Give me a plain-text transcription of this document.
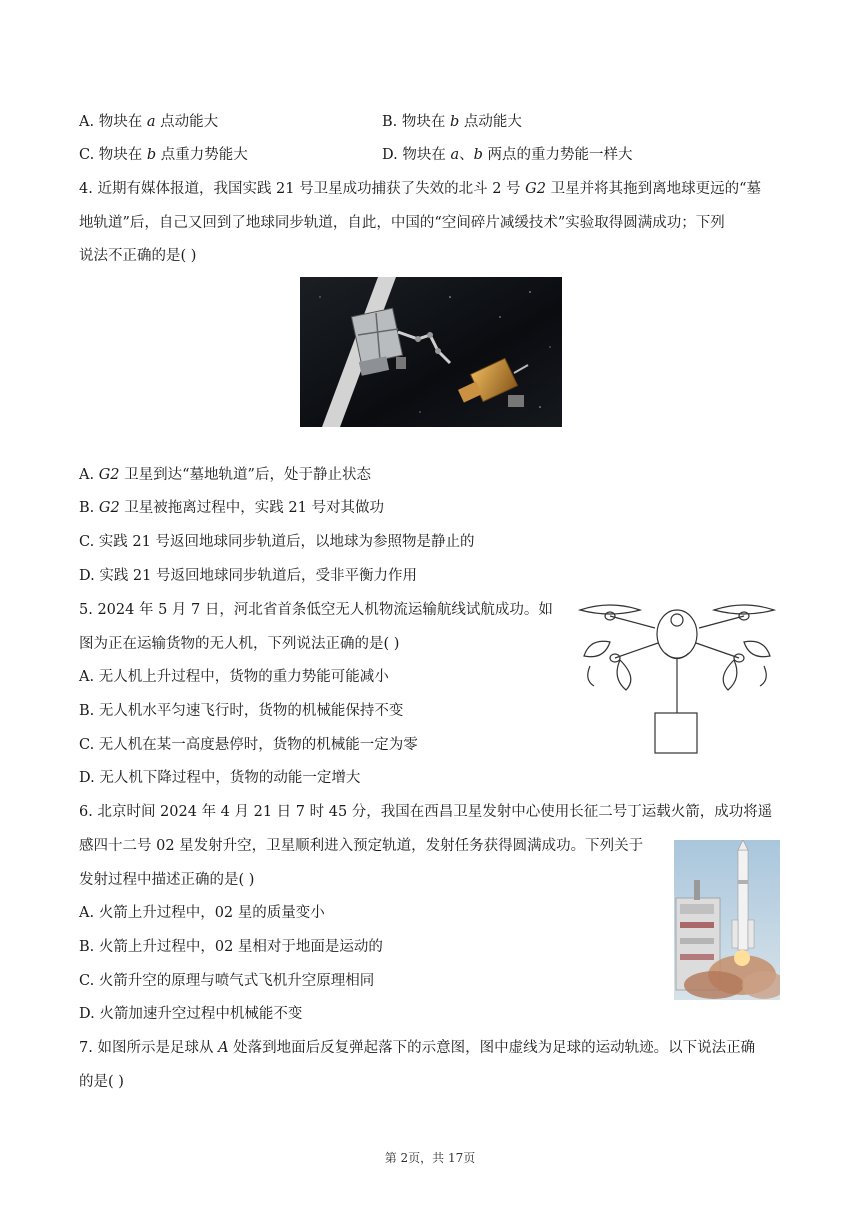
A. 物块在 a 点动能大	B. 物块在 b 点动能大
C. 物块在 b 点重力势能大	D. 物块在 a、b 两点的重力势能一样大
4. 近期有媒体报道，我国实践 21 号卫星成功捕获了失效的北斗 2 号 G2 卫星并将其拖到离地球更远的“墓
地轨道”后，自己又回到了地球同步轨道，自此，中国的“空间碎片减缓技术”实验取得圆满成功；下列
说法不正确的是( )
A. G2 卫星到达“墓地轨道”后，处于静止状态
B. G2 卫星被拖离过程中，实践 21 号对其做功
C. 实践 21 号返回地球同步轨道后，以地球为参照物是静止的
D. 实践 21 号返回地球同步轨道后，受非平衡力作用
5. 2024 年 5 月 7 日，河北省首条低空无人机物流运输航线试航成功。如
图为正在运输货物的无人机，下列说法正确的是( )
A. 无人机上升过程中，货物的重力势能可能减小
B. 无人机水平匀速飞行时，货物的机械能保持不变
C. 无人机在某一高度悬停时，货物的机械能一定为零
D. 无人机下降过程中，货物的动能一定增大
6. 北京时间 2024 年 4 月 21 日 7 时 45 分，我国在西昌卫星发射中心使用长征二号丁运载火箭，成功将遥
感四十二号 02 星发射升空，卫星顺利进入预定轨道，发射任务获得圆满成功。下列关于
发射过程中描述正确的是( )
A. 火箭上升过程中，02 星的质量变小
B. 火箭上升过程中，02 星相对于地面是运动的
C. 火箭升空的原理与喷气式飞机升空原理相同
D. 火箭加速升空过程中机械能不变
7. 如图所示是足球从 A 处落到地面后反复弹起落下的示意图，图中虚线为足球的运动轨迹。以下说法正确
的是( )
第 2页，共 17页
